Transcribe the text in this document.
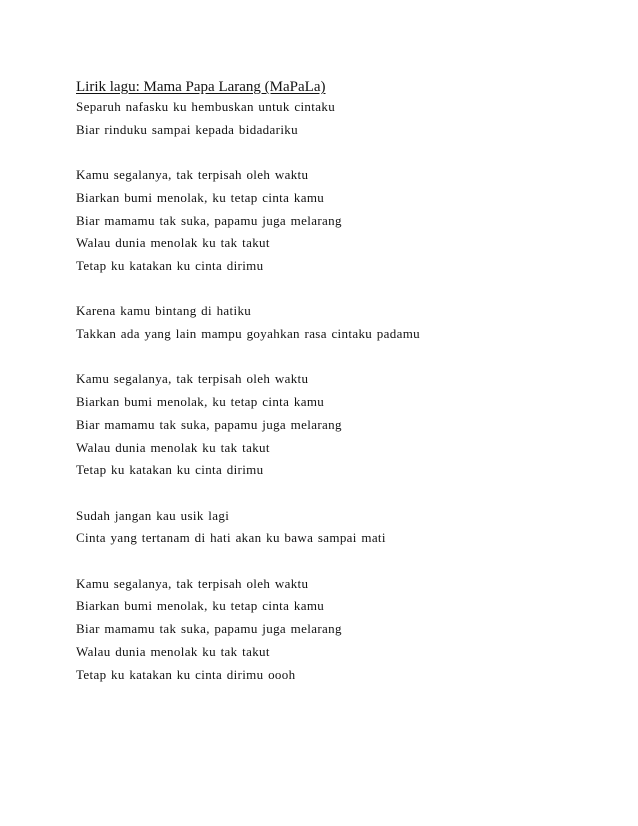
Lirik lagu: Mama Papa Larang (MaPaLa)

Separuh nafasku ku hembuskan untuk cintaku

Biar rinduku sampai kepada bidadariku

Kamu segalanya, tak terpisah oleh waktu

Biarkan bumi menolak, ku tetap cinta kamu

Biar mamamu tak suka, papamu juga melarang

Walau dunia menolak ku tak takut

Tetap ku katakan ku cinta dirimu

Karena kamu bintang di hatiku

Takkan ada yang lain mampu goyahkan rasa cintaku padamu

Kamu segalanya, tak terpisah oleh waktu

Biarkan bumi menolak, ku tetap cinta kamu

Biar mamamu tak suka, papamu juga melarang

Walau dunia menolak ku tak takut

Tetap ku katakan ku cinta dirimu

Sudah jangan kau usik lagi

Cinta yang tertanam di hati akan ku bawa sampai mati

Kamu segalanya, tak terpisah oleh waktu

Biarkan bumi menolak, ku tetap cinta kamu

Biar mamamu tak suka, papamu juga melarang

Walau dunia menolak ku tak takut

Tetap ku katakan ku cinta dirimu oooh
